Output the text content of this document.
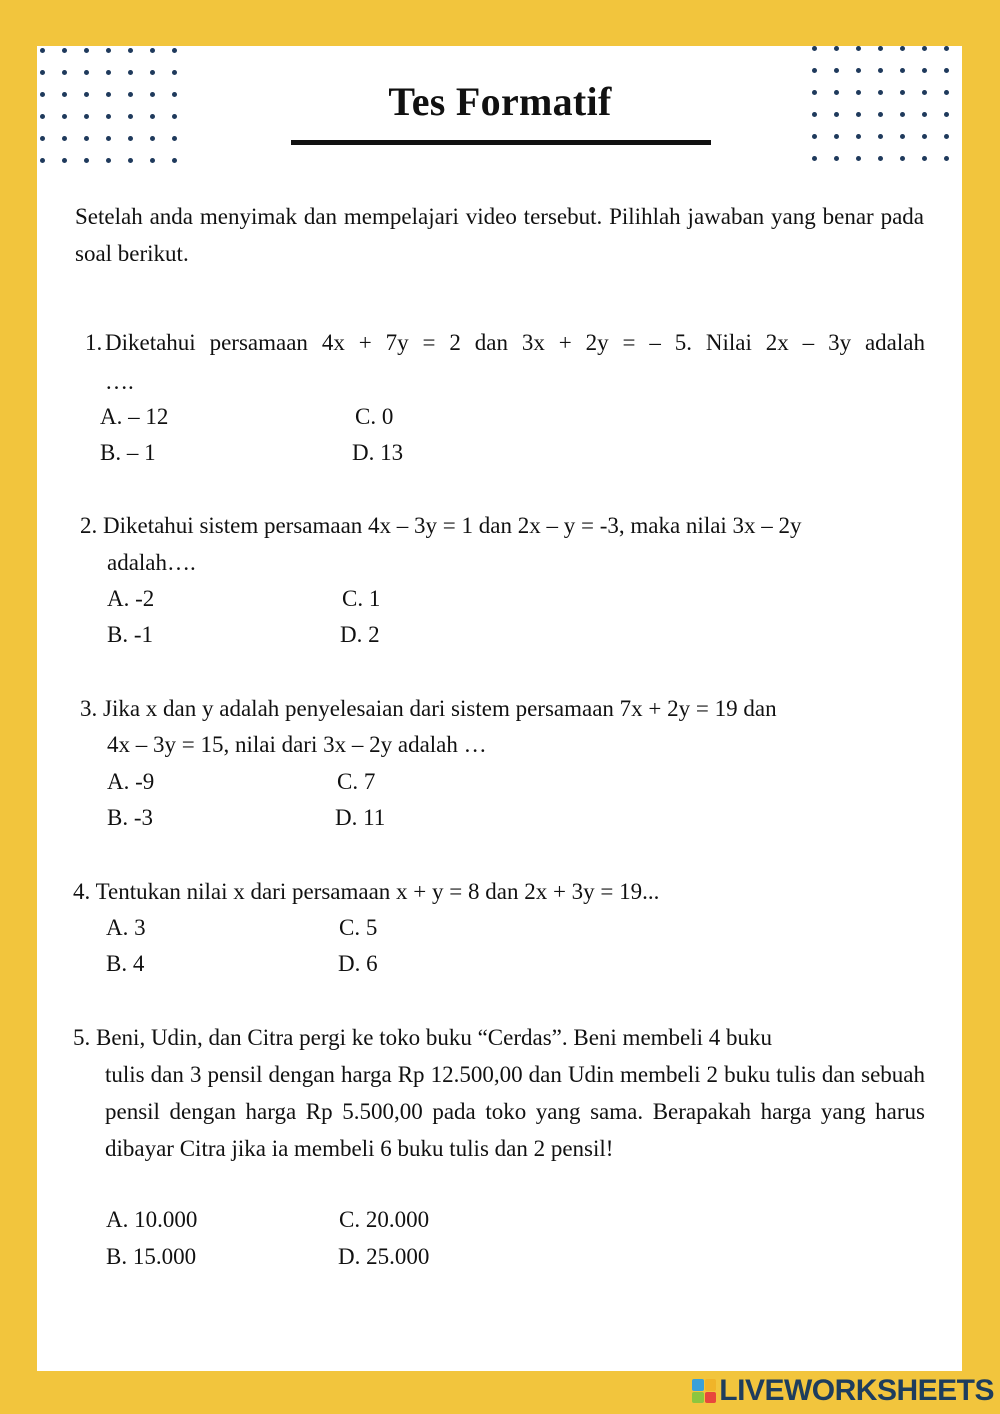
Tes Formatif
Setelah anda menyimak dan mempelajari video tersebut. Pilihlah jawaban yang benar pada soal berikut.
1. Diketahui persamaan 4x + 7y = 2 dan 3x + 2y = – 5. Nilai 2x – 3y adalah
….
A. – 12
B. – 1
C. 0
D. 13
2. Diketahui sistem persamaan 4x – 3y = 1 dan 2x – y = -3, maka nilai 3x – 2y
adalah….
A. -2
B. -1
C. 1
D. 2
3. Jika x dan y adalah penyelesaian dari sistem persamaan 7x + 2y = 19 dan
4x – 3y = 15, nilai dari 3x – 2y adalah …
A. -9
B. -3
C. 7
D. 11
4. Tentukan nilai x dari persamaan x + y = 8 dan 2x + 3y = 19...
A. 3
B. 4
C. 5
D. 6
5. Beni, Udin, dan Citra pergi ke toko buku “Cerdas”. Beni membeli 4 buku
tulis dan 3 pensil dengan harga Rp 12.500,00 dan Udin membeli 2 buku tulis dan sebuah pensil dengan harga Rp 5.500,00 pada toko yang sama. Berapakah harga yang harus dibayar Citra jika ia membeli 6 buku tulis dan 2 pensil!
A. 10.000
B. 15.000
C. 20.000
D. 25.000
LIVEWORKSHEETS
